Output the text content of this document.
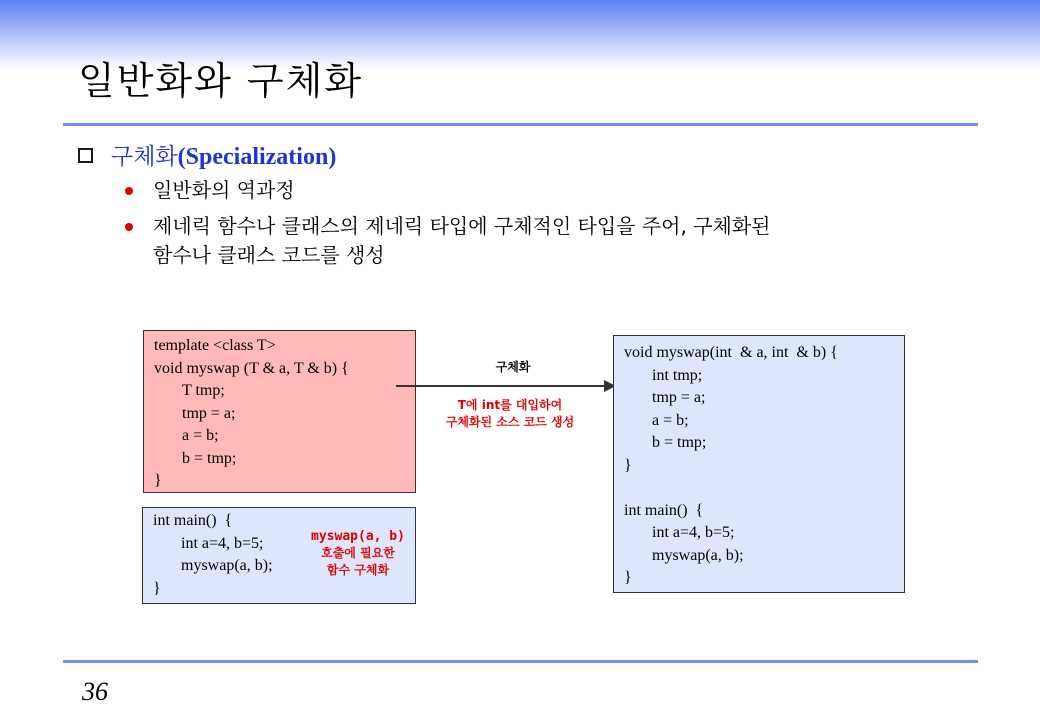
일반화와 구체화
구체화(Specialization)
일반화의 역과정
제네릭 함수나 클래스의 제네릭 타입에 구체적인 타입을 주어, 구체화된
함수나 클래스 코드를 생성
template <class T>
void myswap (T & a, T & b) {
T tmp;
tmp = a;
a = b;
b = tmp;
}
int main()  {
int a=4, b=5;
myswap(a, b);
}
myswap(a, b)
호출에 필요한
함수 구체화
구체화
T에 int를 대입하여
구체화된 소스 코드 생성
void myswap(int  & a, int  & b) {
int tmp;
tmp = a;
a = b;
b = tmp;
}
int main()  {
int a=4, b=5;
myswap(a, b);
}
36
